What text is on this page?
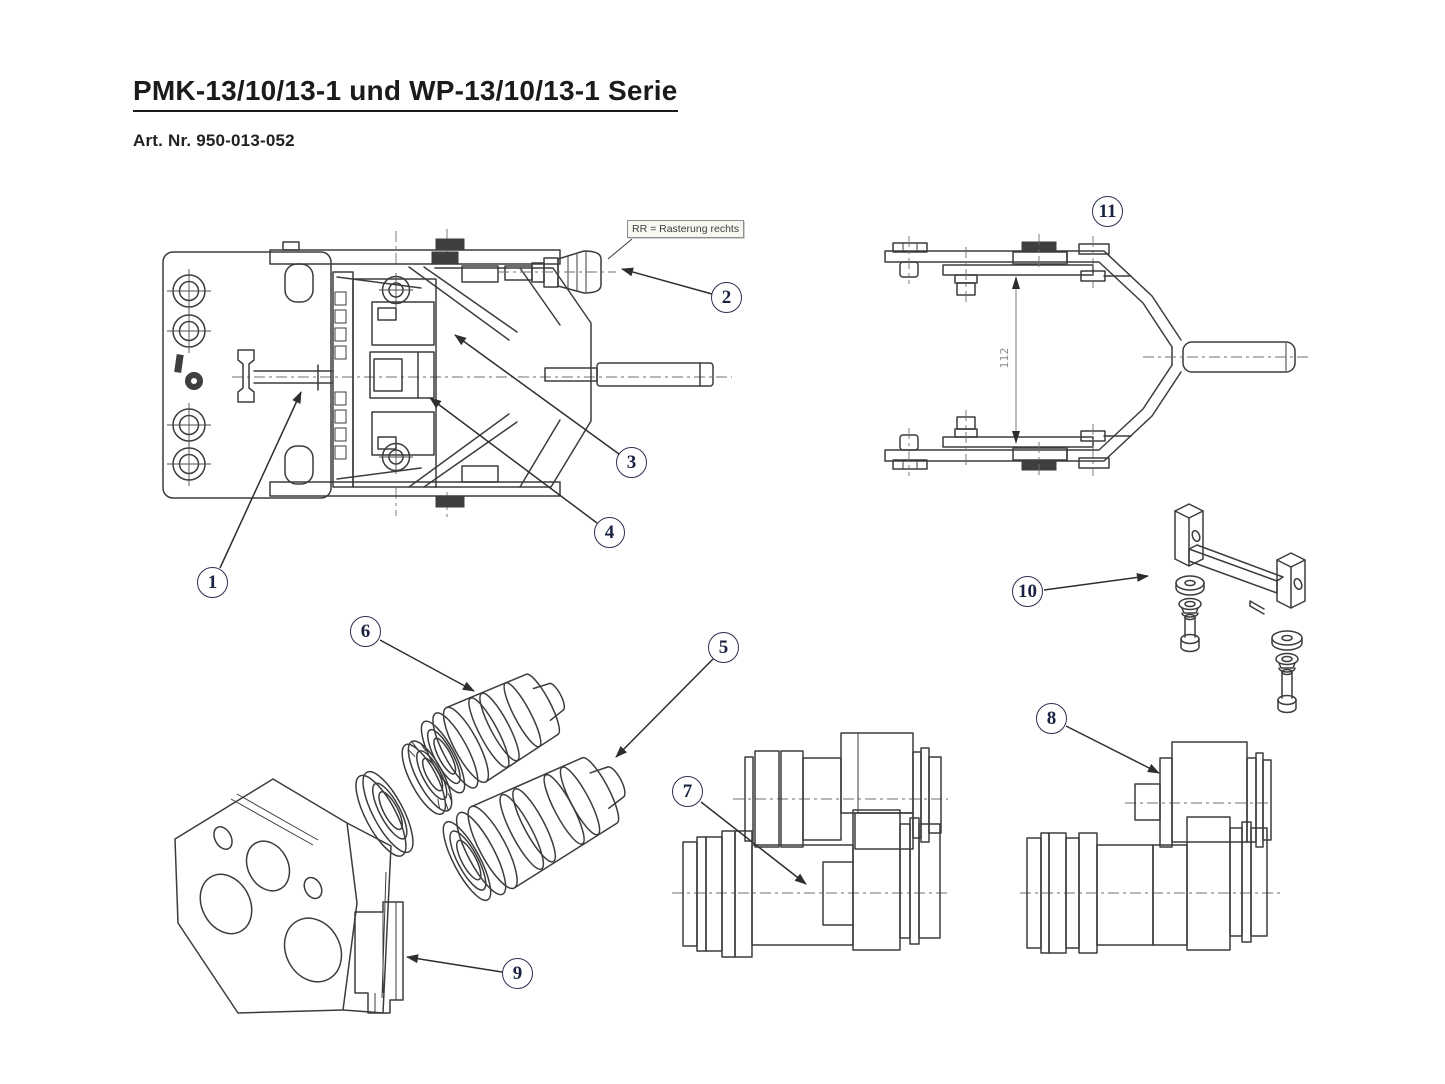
PMK-13/10/13-1 und WP-13/10/13-1 Serie
Art. Nr. 950-013-052
112
RR = Rasterung rechts
1
2
3
4
5
6
7
8
9
10
11
